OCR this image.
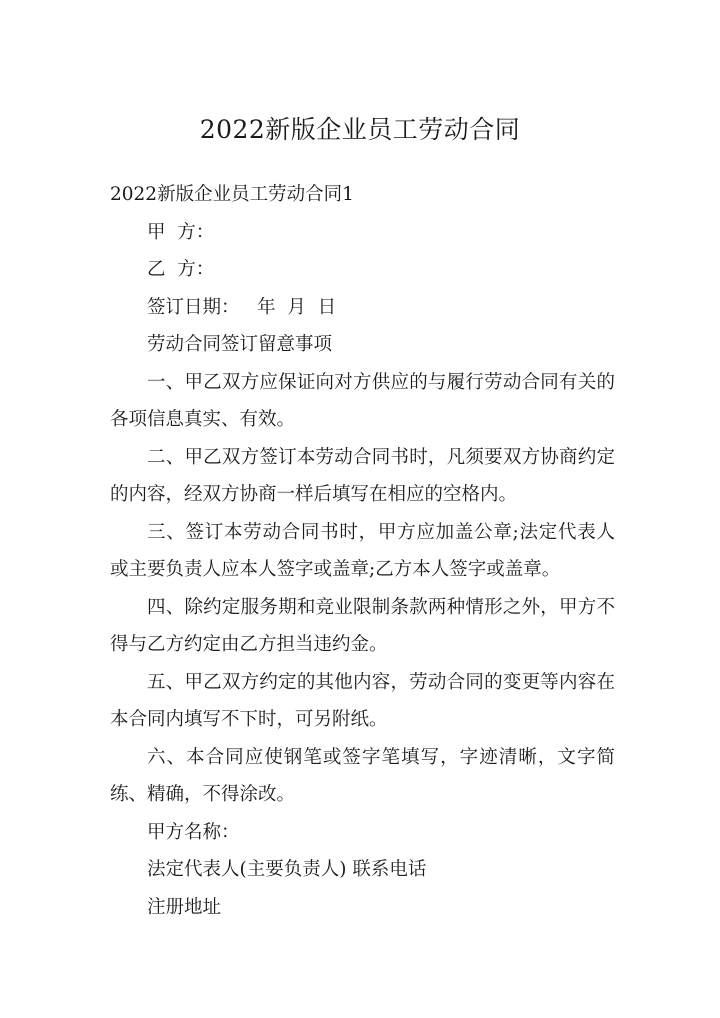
2022新版企业员工劳动合同

2022新版企业员工劳动合同1

甲  方：

乙  方：

签订日期：   年  月  日

劳动合同签订留意事项

一、甲乙双方应保证向对方供应的与履行劳动合同有关的各项信息真实、有效。

二、甲乙双方签订本劳动合同书时，凡须要双方协商约定的内容，经双方协商一样后填写在相应的空格内。

三、签订本劳动合同书时，甲方应加盖公章;法定代表人或主要负责人应本人签字或盖章;乙方本人签字或盖章。

四、除约定服务期和竞业限制条款两种情形之外，甲方不得与乙方约定由乙方担当违约金。

五、甲乙双方约定的其他内容，劳动合同的变更等内容在本合同内填写不下时，可另附纸。

六、本合同应使钢笔或签字笔填写，字迹清晰，文字简练、精确，不得涂改。

甲方名称：

法定代表人(主要负责人) 联系电话

注册地址
